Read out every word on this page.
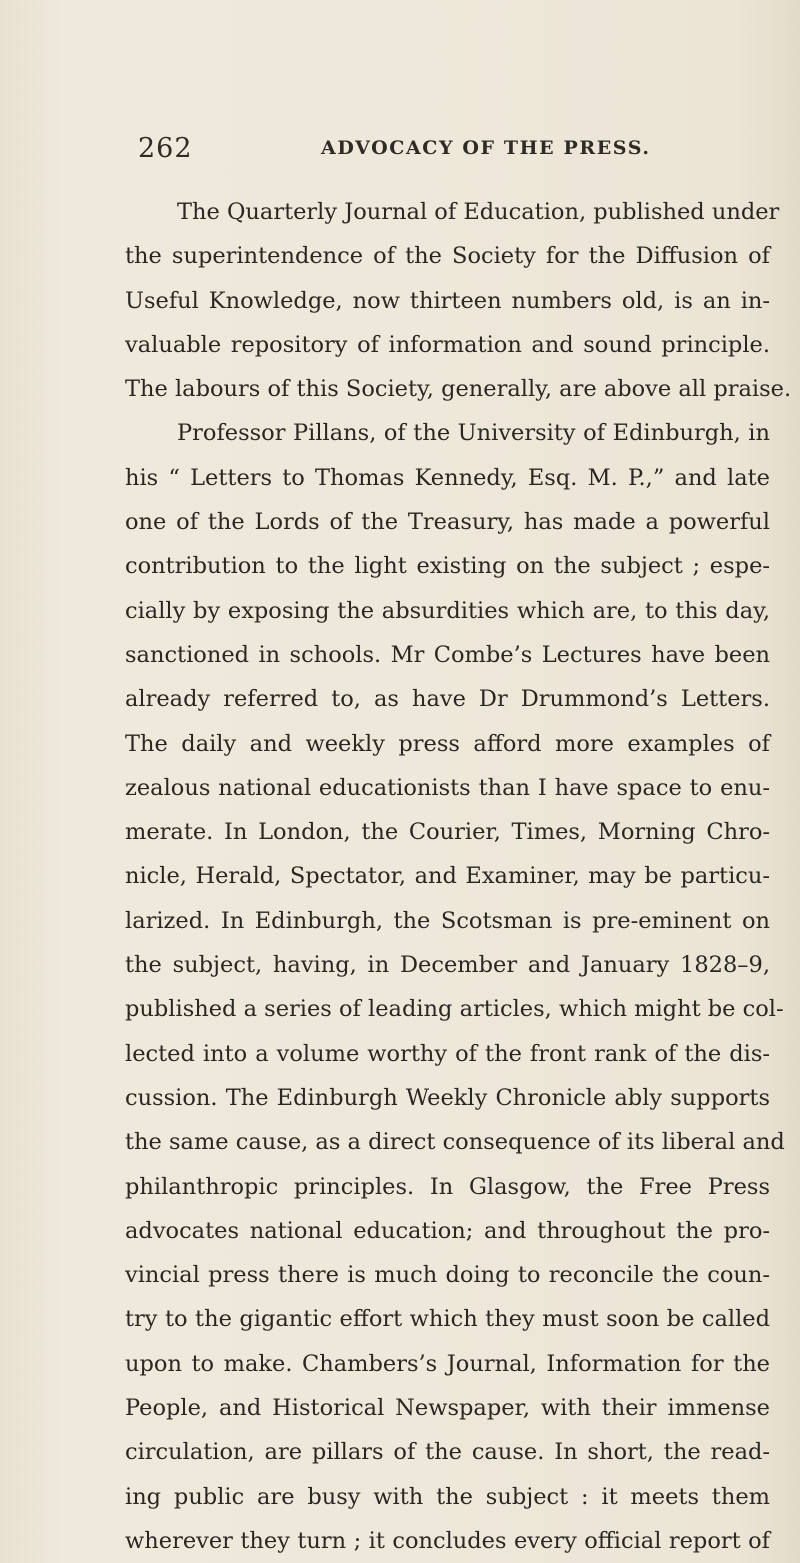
262	ADVOCACY OF THE PRESS.
The Quarterly Journal of Education, published under
the superintendence of the Society for the Diffusion of
Useful Knowledge, now thirteen numbers old, is an in-
valuable repository of information and sound principle.
The labours of this Society, generally, are above all praise.
Professor Pillans, of the University of Edinburgh, in
his “ Letters to Thomas Kennedy, Esq. M. P.,” and late
one of the Lords of the Treasury, has made a powerful
contribution to the light existing on the subject ; espe-
cially by exposing the absurdities which are, to this day,
sanctioned in schools. Mr Combe’s Lectures have been
already referred to, as have Dr Drummond’s Letters.
The daily and weekly press afford more examples of
zealous national educationists than I have space to enu-
merate. In London, the Courier, Times, Morning Chro-
nicle, Herald, Spectator, and Examiner, may be particu-
larized. In Edinburgh, the Scotsman is pre-eminent on
the subject, having, in December and January 1828–9,
published a series of leading articles, which might be col-
lected into a volume worthy of the front rank of the dis-
cussion. The Edinburgh Weekly Chronicle ably supports
the same cause, as a direct consequence of its liberal and
philanthropic principles. In Glasgow, the Free Press
advocates national education; and throughout the pro-
vincial press there is much doing to reconcile the coun-
try to the gigantic effort which they must soon be called
upon to make. Chambers’s Journal, Information for the
People, and Historical Newspaper, with their immense
circulation, are pillars of the cause. In short, the read-
ing public are busy with the subject : it meets them
wherever they turn ; it concludes every official report of
